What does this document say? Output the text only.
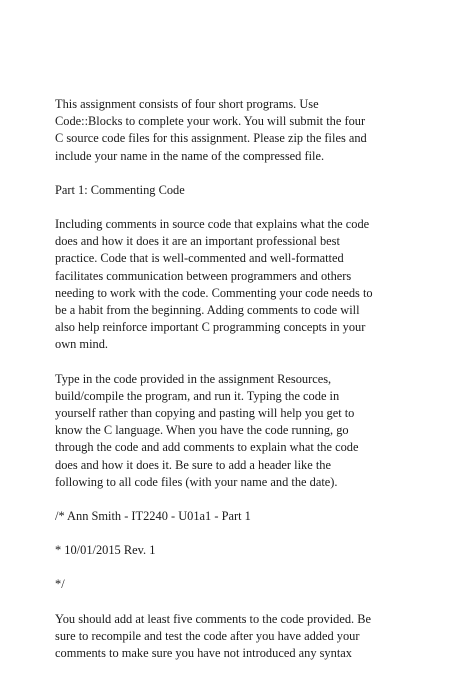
This assignment consists of four short programs. Use
Code::Blocks to complete your work. You will submit the four
C source code files for this assignment. Please zip the files and
include your name in the name of the compressed file.

Part 1: Commenting Code

Including comments in source code that explains what the code
does and how it does it are an important professional best
practice. Code that is well-commented and well-formatted
facilitates communication between programmers and others
needing to work with the code. Commenting your code needs to
be a habit from the beginning. Adding comments to code will
also help reinforce important C programming concepts in your
own mind.

Type in the code provided in the assignment Resources,
build/compile the program, and run it. Typing the code in
yourself rather than copying and pasting will help you get to
know the C language. When you have the code running, go
through the code and add comments to explain what the code
does and how it does it. Be sure to add a header like the
following to all code files (with your name and the date).

/* Ann Smith - IT2240 - U01a1 - Part 1

* 10/01/2015 Rev. 1

*/

You should add at least five comments to the code provided. Be
sure to recompile and test the code after you have added your
comments to make sure you have not introduced any syntax
